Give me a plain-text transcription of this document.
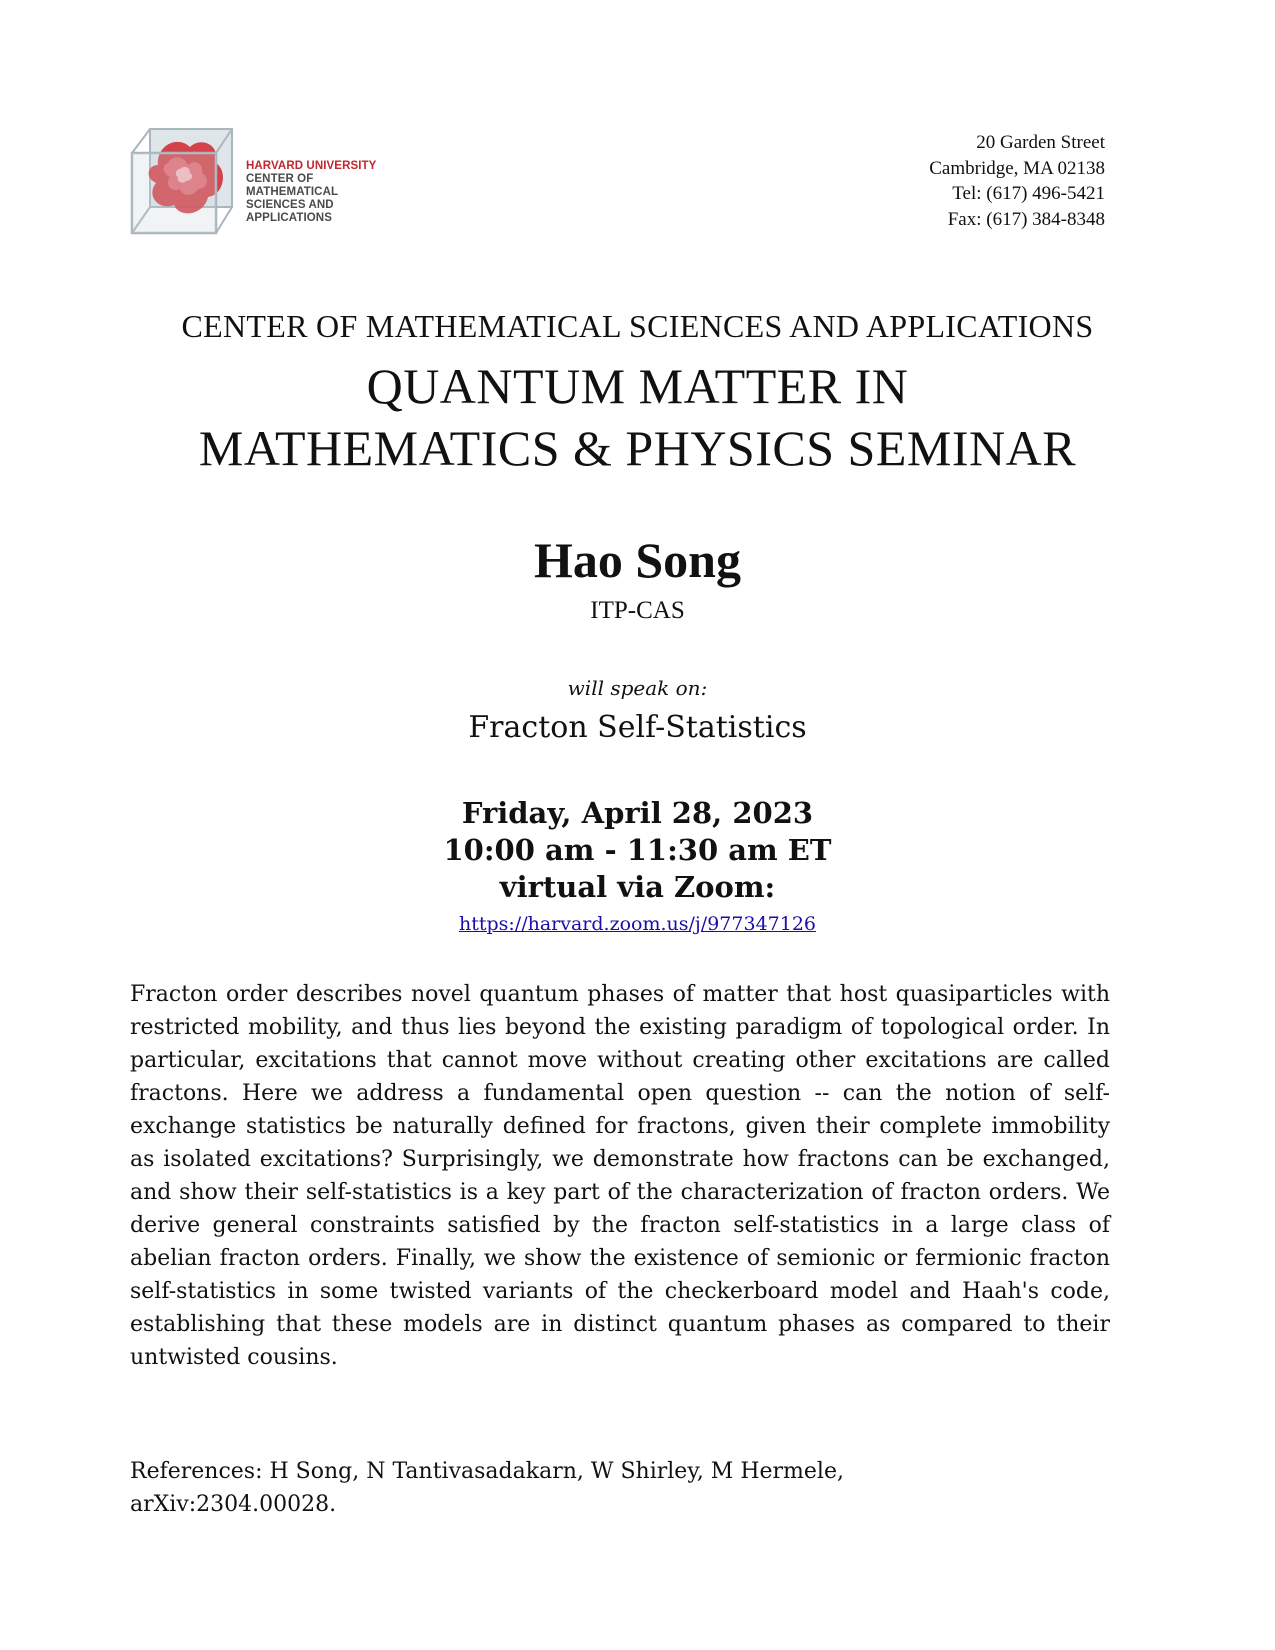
HARVARD UNIVERSITY
CENTER OF MATHEMATICAL
SCIENCES AND APPLICATIONS
20 Garden Street
Cambridge, MA 02138
Tel: (617) 496-5421
Fax: (617) 384-8348
CENTER OF MATHEMATICAL SCIENCES AND APPLICATIONS
QUANTUM MATTER IN
MATHEMATICS & PHYSICS SEMINAR
Hao Song
ITP-CAS
will speak on:
Fracton Self-Statistics
Friday, April 28, 2023
10:00 am - 11:30 am ET
virtual via Zoom:
https://harvard.zoom.us/j/977347126
Fracton order describes novel quantum phases of matter that host quasiparticles with restricted mobility, and thus lies beyond the existing paradigm of topological order. In particular, excitations that cannot move without creating other excitations are called fractons. Here we address a fundamental open question -- can the notion of self-exchange statistics be naturally defined for fractons, given their complete immobility as isolated excitations? Surprisingly, we demonstrate how fractons can be exchanged, and show their self-statistics is a key part of the characterization of fracton orders. We derive general constraints satisfied by the fracton self-statistics in a large class of abelian fracton orders. Finally, we show the existence of semionic or fermionic fracton self-statistics in some twisted variants of the checkerboard model and Haah's code, establishing that these models are in distinct quantum phases as compared to their untwisted cousins.
References: H Song, N Tantivasadakarn, W Shirley, M Hermele,
arXiv:2304.00028.
